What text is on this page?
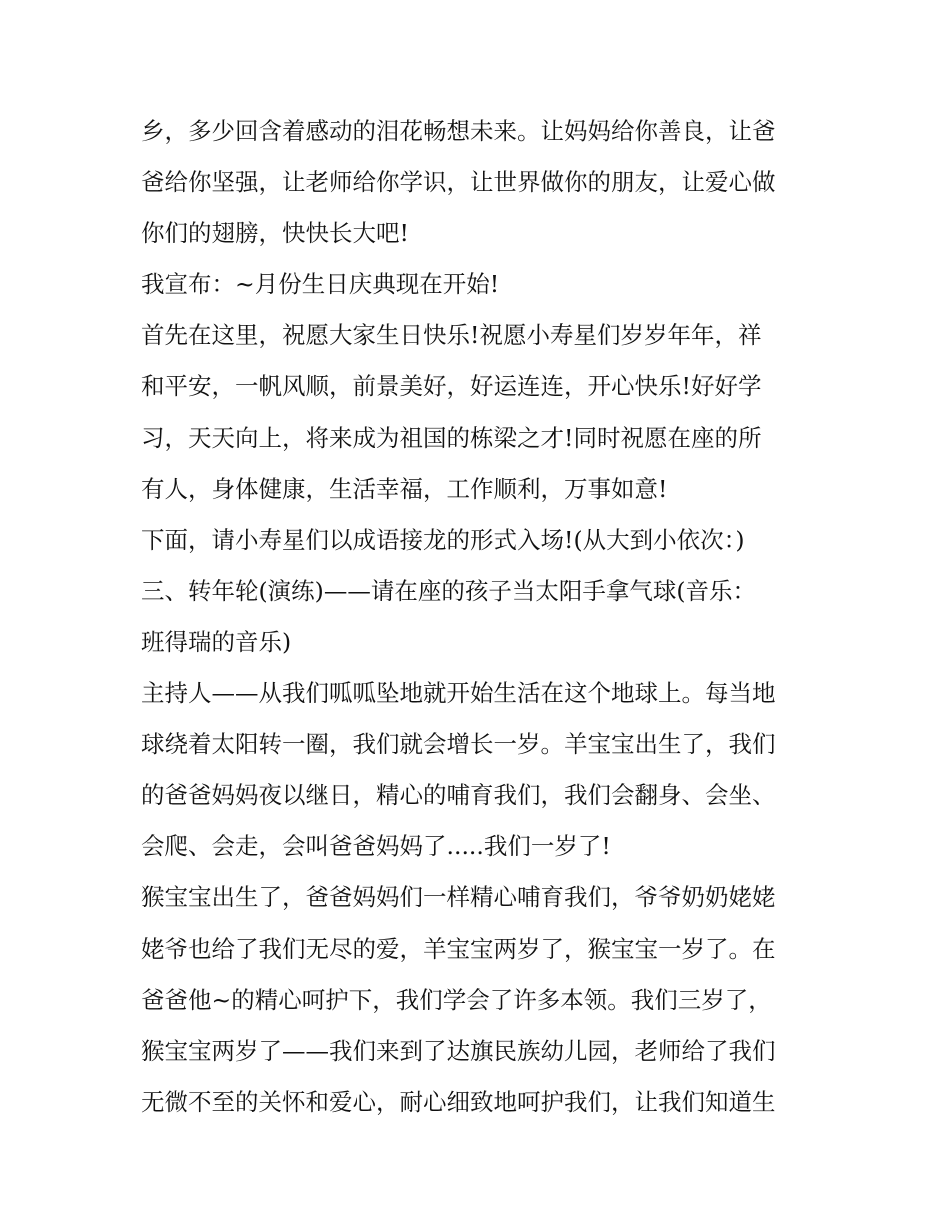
乡，多少回含着感动的泪花畅想未来。让妈妈给你善良，让爸
爸给你坚强，让老师给你学识，让世界做你的朋友，让爱心做
你们的翅膀，快快长大吧!
我宣布：~月份生日庆典现在开始!
首先在这里，祝愿大家生日快乐!祝愿小寿星们岁岁年年，祥
和平安，一帆风顺，前景美好，好运连连，开心快乐!好好学
习，天天向上，将来成为祖国的栋梁之才!同时祝愿在座的所
有人，身体健康，生活幸福，工作顺利，万事如意!
下面，请小寿星们以成语接龙的形式入场!(从大到小依次：)
三、转年轮(演练)——请在座的孩子当太阳手拿气球(音乐：
班得瑞的音乐)
主持人——从我们呱呱坠地就开始生活在这个地球上。每当地
球绕着太阳转一圈，我们就会增长一岁。羊宝宝出生了，我们
的爸爸妈妈夜以继日，精心的哺育我们，我们会翻身、会坐、
会爬、会走，会叫爸爸妈妈了.....我们一岁了!
猴宝宝出生了，爸爸妈妈们一样精心哺育我们，爷爷奶奶姥姥
姥爷也给了我们无尽的爱，羊宝宝两岁了，猴宝宝一岁了。在
爸爸他~的精心呵护下，我们学会了许多本领。我们三岁了，
猴宝宝两岁了——我们来到了达旗民族幼儿园，老师给了我们
无微不至的关怀和爱心，耐心细致地呵护我们，让我们知道生
